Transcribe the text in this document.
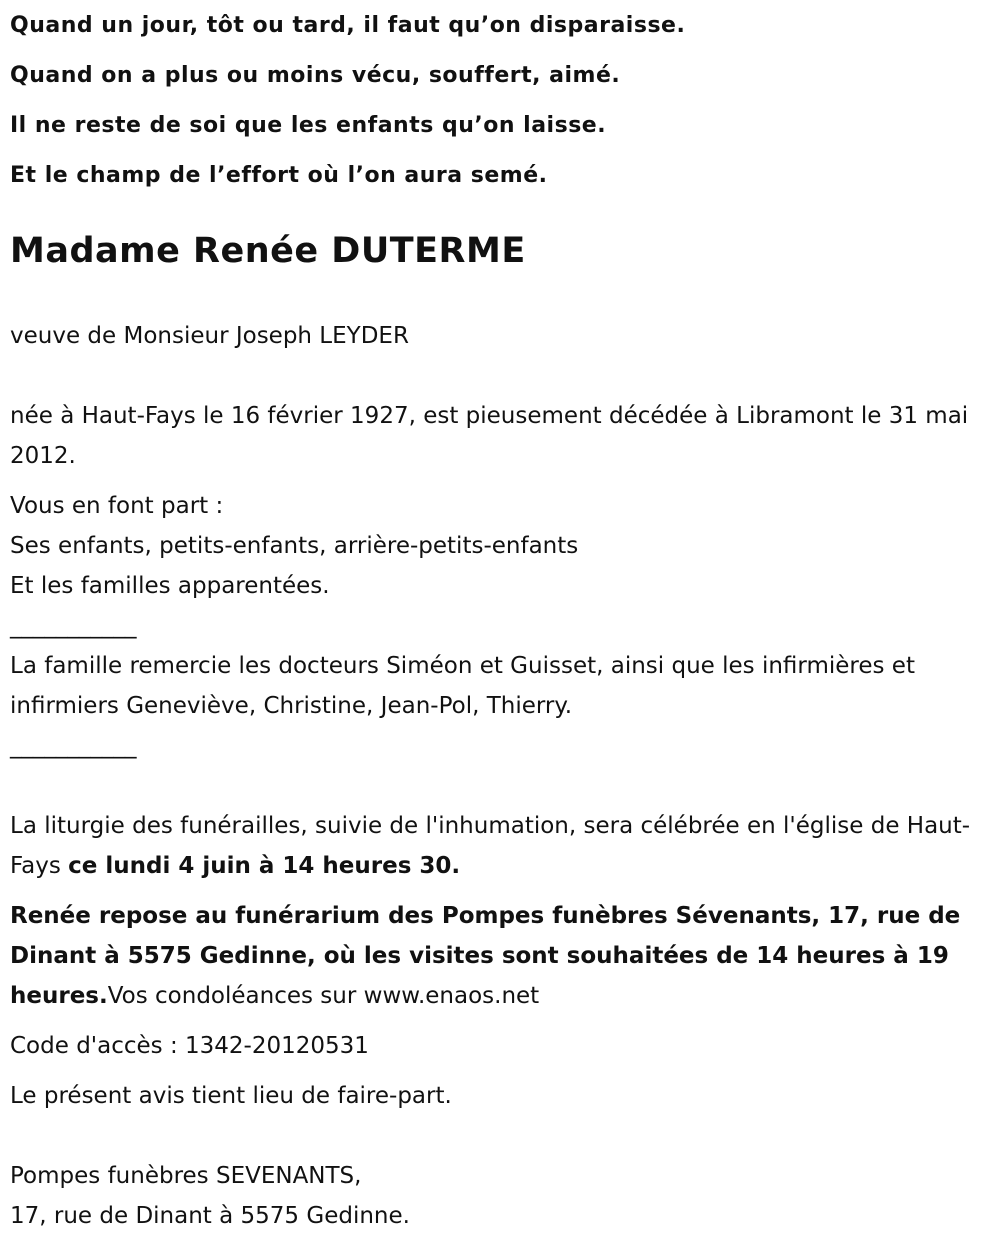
Quand un jour, tôt ou tard, il faut qu’on disparaisse.
Quand on a plus ou moins vécu, souffert, aimé.
Il ne reste de soi que les enfants qu’on laisse.
Et le champ de l’effort où l’on aura semé.
Madame Renée DUTERME

veuve de Monsieur Joseph LEYDER

née à Haut-Fays le 16 février 1927, est pieusement décédée à Libramont le 31 mai 2012.

Vous en font part :

Ses enfants, petits-enfants, arrière-petits-enfants

Et les familles apparentées.

___________

La famille remercie les docteurs Siméon et Guisset, ainsi que les infirmières et infirmiers Geneviève, Christine, Jean-Pol, Thierry.

___________

La liturgie des funérailles, suivie de l'inhumation, sera célébrée en l'église de Haut-Fays ce lundi 4 juin à 14 heures 30.

Renée repose au funérarium des Pompes funèbres Sévenants, 17, rue de Dinant à 5575 Gedinne, où les visites sont souhaitées de 14 heures à 19 heures.Vos condoléances sur www.enaos.net

Code d'accès : 1342-20120531

Le présent avis tient lieu de faire-part.

Pompes funèbres SEVENANTS,

17, rue de Dinant à 5575 Gedinne.
